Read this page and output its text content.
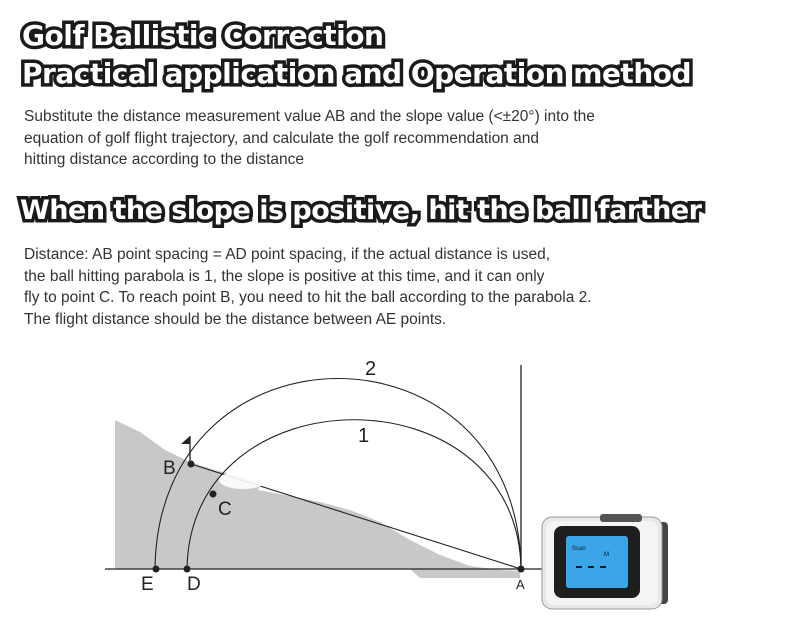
Golf Ballistic Correction
Practical application and Operation method

Substitute the distance measurement value AB and the slope value (<±20°) into the
equation of golf flight trajectory, and calculate the golf recommendation and
hitting distance according to the distance

When the slope is positive, hit the ball farther

Distance: AB point spacing = AD point spacing, if the actual distance is used,
the ball hitting parabola is 1, the slope is positive at this time, and it can only
fly to point C. To reach point B, you need to hit the ball according to the parabola 2.
The flight distance should be the distance between AE points.

2
1
B
C
E D	A
Scan
M
